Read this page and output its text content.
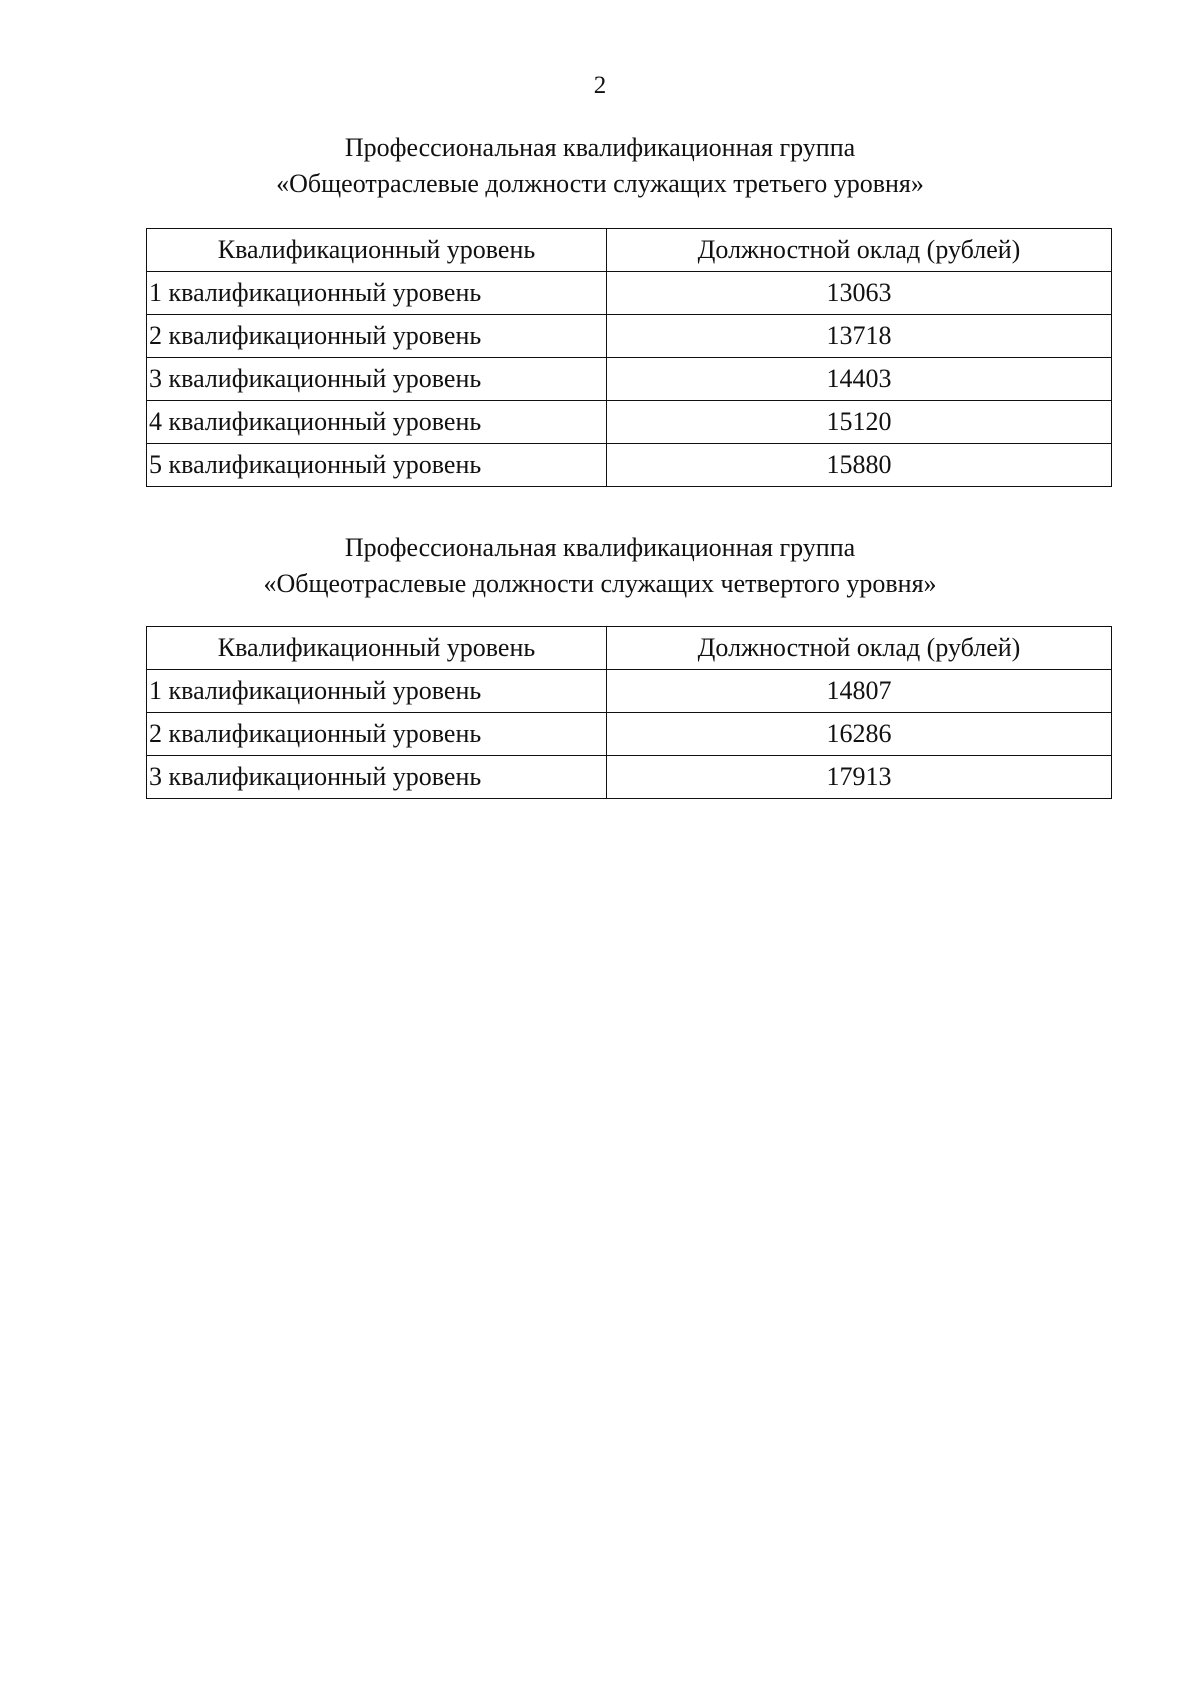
2
Профессиональная квалификационная группа
«Общеотраслевые должности служащих третьего уровня»
Квалификационный уровень	Должностной оклад (рублей)
1 квалификационный уровень	13063
2 квалификационный уровень	13718
3 квалификационный уровень	14403
4 квалификационный уровень	15120
5 квалификационный уровень	15880
Профессиональная квалификационная группа
«Общеотраслевые должности служащих четвертого уровня»
Квалификационный уровень	Должностной оклад (рублей)
1 квалификационный уровень	14807
2 квалификационный уровень	16286
3 квалификационный уровень	17913
